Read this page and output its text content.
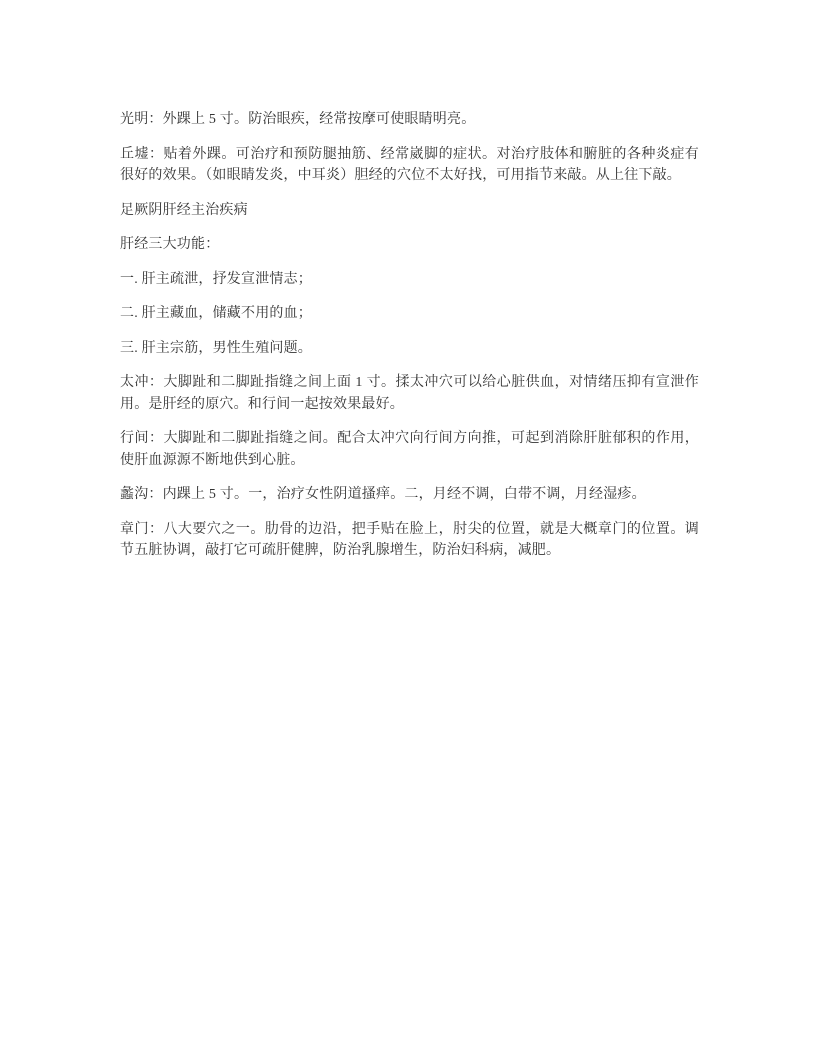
光明：外踝上 5 寸。防治眼疾，经常按摩可使眼睛明亮。

丘墟：贴着外踝。可治疗和预防腿抽筋、经常崴脚的症状。对治疗肢体和腑脏的各种炎症有很好的效果。（如眼睛发炎，中耳炎）胆经的穴位不太好找，可用指节来敲。从上往下敲。

足厥阴肝经主治疾病

肝经三大功能：

一. 肝主疏泄，抒发宣泄情志；

二. 肝主藏血，储藏不用的血；

三. 肝主宗筋，男性生殖问题。

太冲：大脚趾和二脚趾指缝之间上面 1 寸。揉太冲穴可以给心脏供血，对情绪压抑有宣泄作用。是肝经的原穴。和行间一起按效果最好。

行间：大脚趾和二脚趾指缝之间。配合太冲穴向行间方向推，可起到消除肝脏郁积的作用，使肝血源源不断地供到心脏。

蠡沟：内踝上 5 寸。一，治疗女性阴道搔痒。二，月经不调，白带不调，月经湿疹。

章门：八大要穴之一。肋骨的边沿，把手贴在脸上，肘尖的位置，就是大概章门的位置。调节五脏协调，敲打它可疏肝健脾，防治乳腺增生，防治妇科病，减肥。
